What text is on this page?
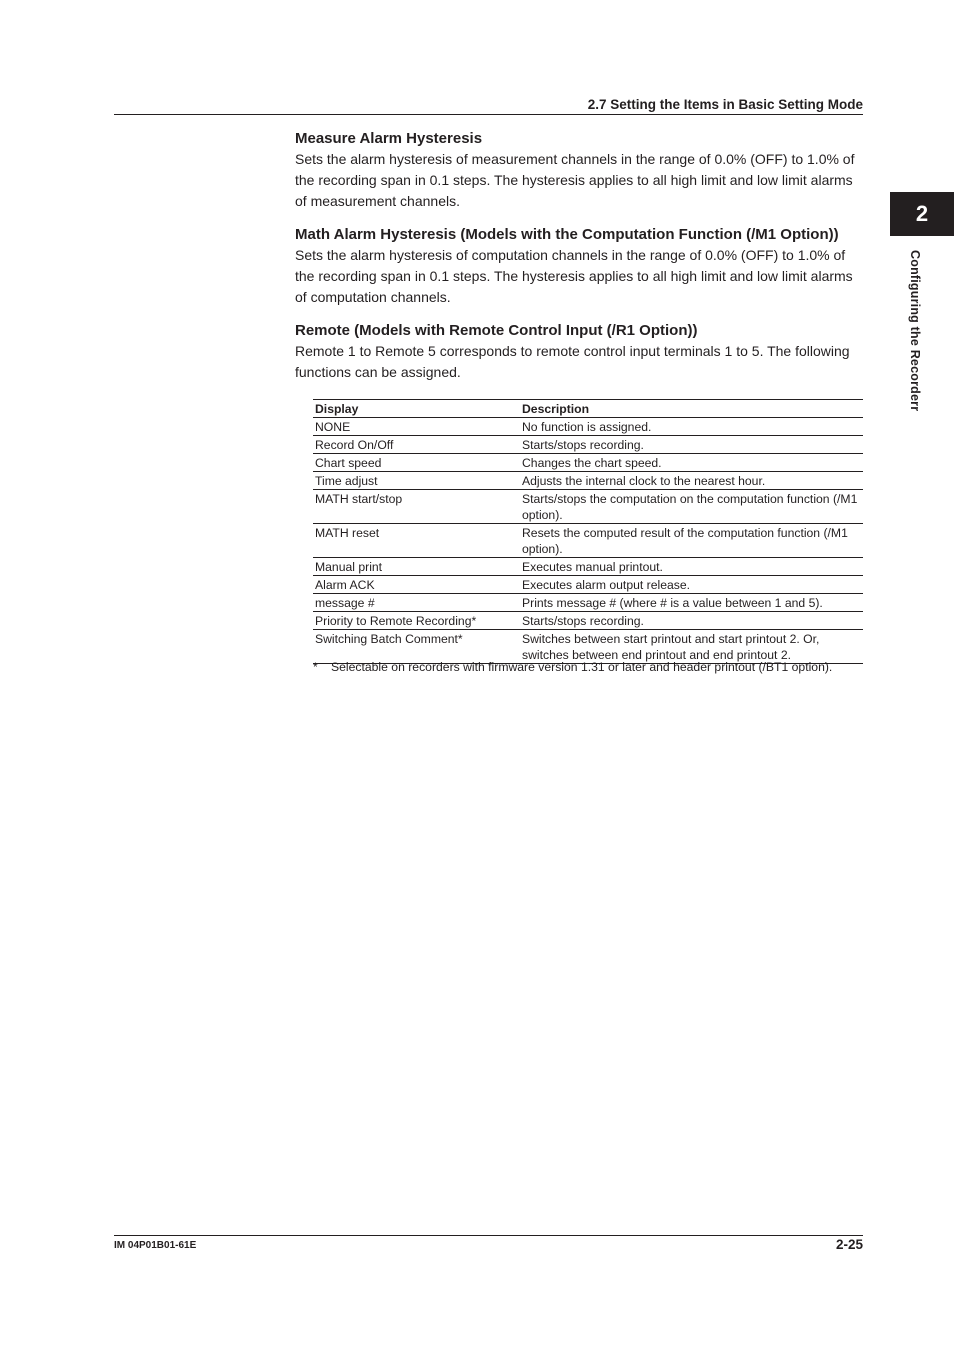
2.7 Setting the Items in Basic Setting Mode
2
Configuring the Recorderr
Measure Alarm Hysteresis

Sets the alarm hysteresis of measurement channels in the range of 0.0% (OFF) to 1.0% of the recording span in 0.1 steps. The hysteresis applies to all high limit and low limit alarms of measurement channels.

Math Alarm Hysteresis (Models with the Computation Function (/M1 Option))

Sets the alarm hysteresis of computation channels in the range of 0.0% (OFF) to 1.0% of the recording span in 0.1 steps. The hysteresis applies to all high limit and low limit alarms of computation channels.

Remote (Models with Remote Control Input (/R1 Option))

Remote 1 to Remote 5 corresponds to remote control input terminals 1 to 5. The following functions can be assigned.

Display	Description
NONE	No function is assigned.
Record On/Off	Starts/stops recording.
Chart speed	Changes the chart speed.
Time adjust	Adjusts the internal clock to the nearest hour.
MATH start/stop	Starts/stops the computation on the computation function (/M1 option).
MATH reset	Resets the computed result of the computation function (/M1 option).
Manual print	Executes manual printout.
Alarm ACK	Executes alarm output release.
message #	Prints message # (where # is a value between 1 and 5).
Priority to Remote Recording*	Starts/stops recording.
Switching Batch Comment*	Switches between start printout and start printout 2. Or, switches between end printout and end printout 2.
* Selectable on recorders with firmware version 1.31 or later and header printout (/BT1 option).
IM 04P01B01-61E	2-25
